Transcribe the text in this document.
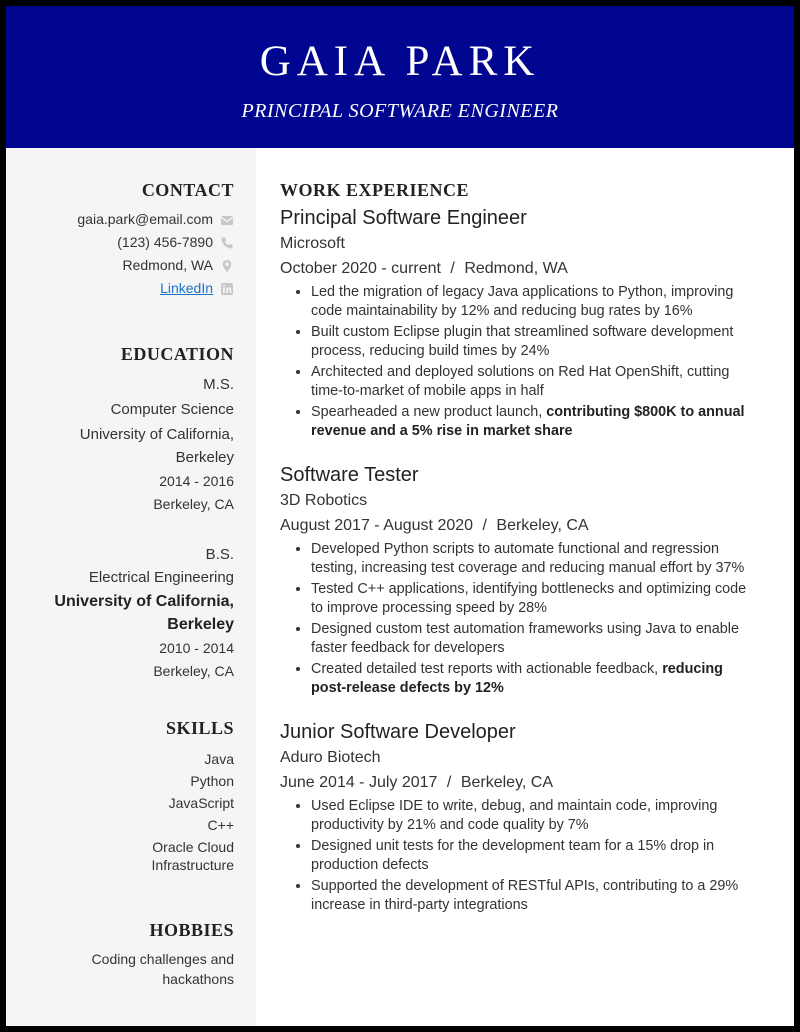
GAIA PARK
PRINCIPAL SOFTWARE ENGINEER
CONTACT
gaia.park@email.com
(123) 456-7890
Redmond, WA
LinkedIn
EDUCATION
M.S.
Computer Science
University of California,
Berkeley
2014 - 2016
Berkeley, CA
B.S.
Electrical Engineering
University of California,
Berkeley
2010 - 2014
Berkeley, CA
SKILLS
Java
Python
JavaScript
C++
Oracle Cloud
Infrastructure
HOBBIES
Coding challenges and
hackathons
WORK EXPERIENCE
Principal Software Engineer
Microsoft
October 2020 - current / Redmond, WA
• Led the migration of legacy Java applications to Python, improving code maintainability by 12% and reducing bug rates by 16%
• Built custom Eclipse plugin that streamlined software development process, reducing build times by 24%
• Architected and deployed solutions on Red Hat OpenShift, cutting time-to-market of mobile apps in half
• Spearheaded a new product launch, contributing $800K to annual revenue and a 5% rise in market share
Software Tester
3D Robotics
August 2017 - August 2020 / Berkeley, CA
• Developed Python scripts to automate functional and regression testing, increasing test coverage and reducing manual effort by 37%
• Tested C++ applications, identifying bottlenecks and optimizing code to improve processing speed by 28%
• Designed custom test automation frameworks using Java to enable faster feedback for developers
• Created detailed test reports with actionable feedback, reducing post-release defects by 12%
Junior Software Developer
Aduro Biotech
June 2014 - July 2017 / Berkeley, CA
• Used Eclipse IDE to write, debug, and maintain code, improving productivity by 21% and code quality by 7%
• Designed unit tests for the development team for a 15% drop in production defects
• Supported the development of RESTful APIs, contributing to a 29% increase in third-party integrations
